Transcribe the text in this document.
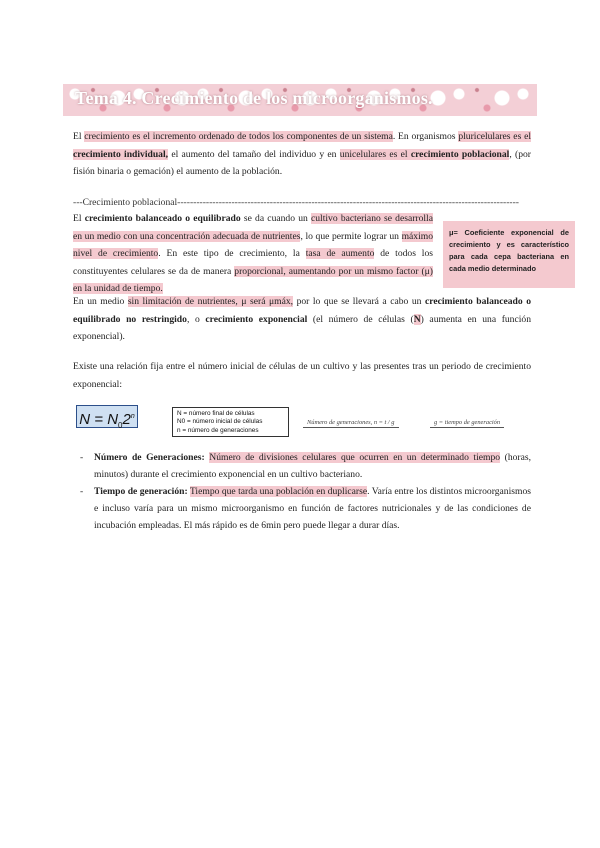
Tema 4. Crecimiento de los microorganismos.

El crecimiento es el incremento ordenado de todos los componentes de un sistema. En organismos pluricelulares es el crecimiento individual, el aumento del tamaño del individuo y en unicelulares es el crecimiento poblacional, (por fisión binaria o gemación) el aumento de la población.

---Crecimiento poblacional-----------------------------------------------------------------------------------------------------------

El crecimiento balanceado o equilibrado se da cuando un cultivo bacteriano se desarrolla en un medio con una concentración adecuada de nutrientes, lo que permite lograr un máximo nivel de crecimiento. En este tipo de crecimiento, la tasa de aumento de todos los constituyentes celulares se da de manera proporcional, aumentando por un mismo factor (μ) en la unidad de tiempo.

En un medio sin limitación de nutrientes, μ será μmáx, por lo que se llevará a cabo un crecimiento balanceado o equilibrado no restringido, o crecimiento exponencial (el número de células (N) aumenta en una función exponencial).

μ= Coeficiente exponencial de crecimiento y es característico para cada cepa bacteriana en cada medio determinado

Existe una relación fija entre el número inicial de células de un cultivo y las presentes tras un periodo de crecimiento exponencial:

$N = N_02^n$	N = número final de células
N0 = número inicial de células
n = número de generaciones
Número de generaciones, n = t / g	g = tiempo de generación
- Número de Generaciones: Número de divisiones celulares que ocurren en un determinado tiempo (horas, minutos) durante el crecimiento exponencial en un cultivo bacteriano.
- Tiempo de generación: Tiempo que tarda una población en duplicarse. Varía entre los distintos microorganismos e incluso varía para un mismo microorganismo en función de factores nutricionales y de las condiciones de incubación empleadas. El más rápido es de 6min pero puede llegar a durar días.
